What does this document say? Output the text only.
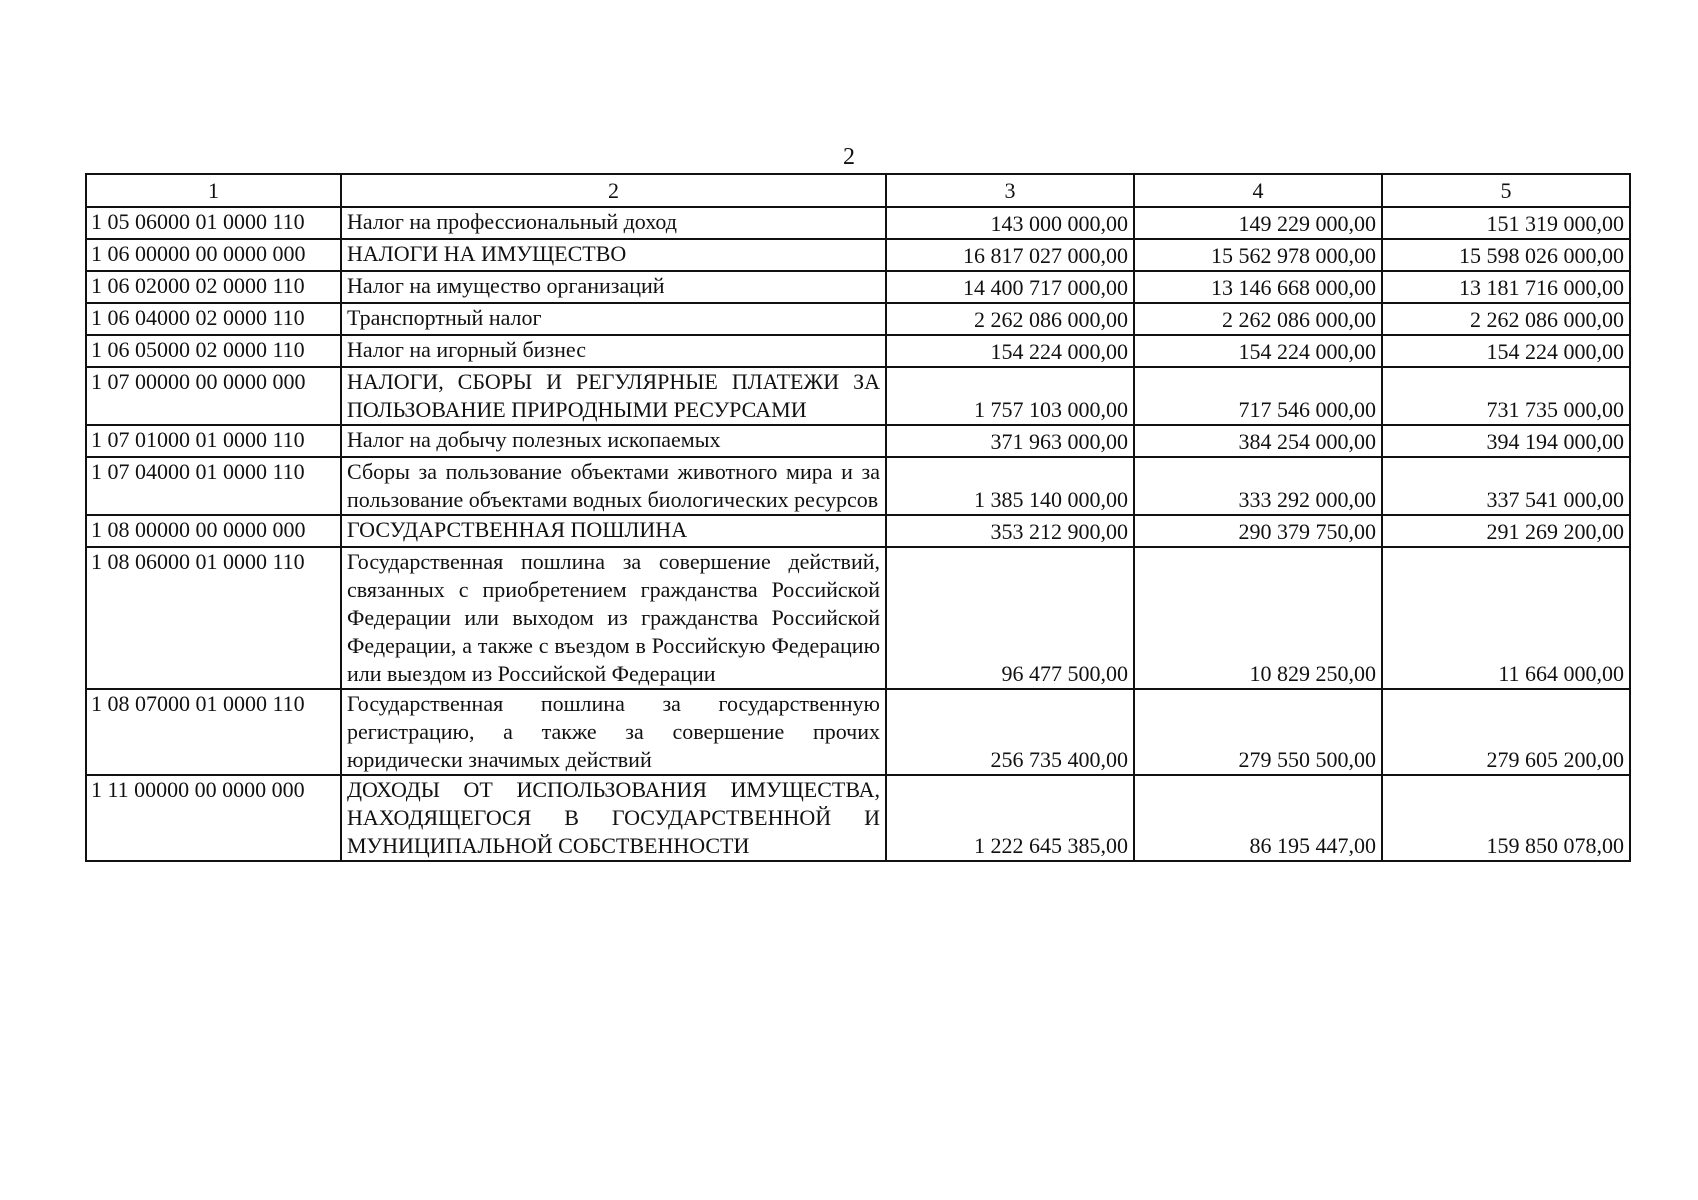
2
1	2	3	4	5
1 05 06000 01 0000 110	Налог на профессиональный доход	143 000 000,00	149 229 000,00	151 319 000,00
1 06 00000 00 0000 000	НАЛОГИ НА ИМУЩЕСТВО	16 817 027 000,00	15 562 978 000,00	15 598 026 000,00
1 06 02000 02 0000 110	Налог на имущество организаций	14 400 717 000,00	13 146 668 000,00	13 181 716 000,00
1 06 04000 02 0000 110	Транспортный налог	2 262 086 000,00	2 262 086 000,00	2 262 086 000,00
1 06 05000 02 0000 110	Налог на игорный бизнес	154 224 000,00	154 224 000,00	154 224 000,00
1 07 00000 00 0000 000	НАЛОГИ, СБОРЫ И РЕГУЛЯРНЫЕ ПЛАТЕЖИ ЗА ПОЛЬЗОВАНИЕ ПРИРОДНЫМИ РЕСУРСАМИ	1 757 103 000,00	717 546 000,00	731 735 000,00
1 07 01000 01 0000 110	Налог на добычу полезных ископаемых	371 963 000,00	384 254 000,00	394 194 000,00
1 07 04000 01 0000 110	Сборы за пользование объектами животного мира и за пользование объектами водных биологических ресурсов	1 385 140 000,00	333 292 000,00	337 541 000,00
1 08 00000 00 0000 000	ГОСУДАРСТВЕННАЯ ПОШЛИНА	353 212 900,00	290 379 750,00	291 269 200,00
1 08 06000 01 0000 110	Государственная пошлина за совершение действий, связанных с приобретением гражданства Российской Федерации или выходом из гражданства Российской Федерации, а также с въездом в Российскую Федерацию или выездом из Российской Федерации	96 477 500,00	10 829 250,00	11 664 000,00
1 08 07000 01 0000 110	Государственная пошлина за государственную регистрацию, а также за совершение прочих юридически значимых действий	256 735 400,00	279 550 500,00	279 605 200,00
1 11 00000 00 0000 000	ДОХОДЫ ОТ ИСПОЛЬЗОВАНИЯ ИМУЩЕСТВА, НАХОДЯЩЕГОСЯ В ГОСУДАРСТВЕННОЙ И МУНИЦИПАЛЬНОЙ СОБСТВЕННОСТИ	1 222 645 385,00	86 195 447,00	159 850 078,00
